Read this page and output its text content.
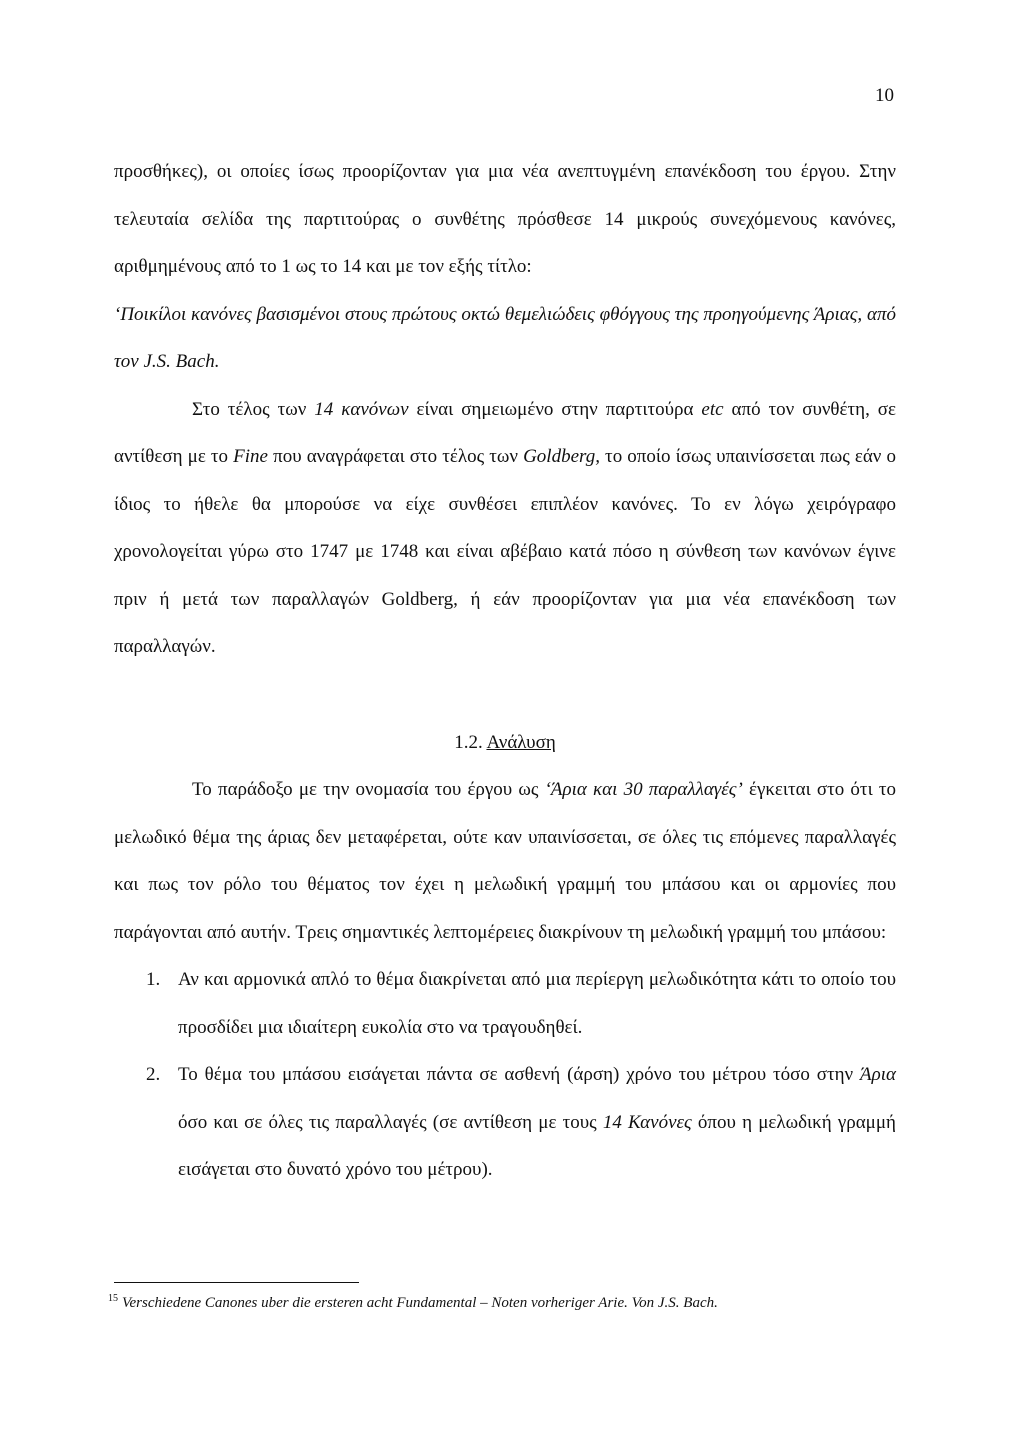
10

προσθήκες), οι οποίες ίσως προορίζονταν για μια νέα ανεπτυγμένη επανέκδοση του έργου. Στην τελευταία σελίδα της παρτιτούρας ο συνθέτης πρόσθεσε 14 μικρούς συνεχόμενους κανόνες, αριθμημένους από το 1 ως το 14 και με τον εξής τίτλο:
‘Ποικίλοι κανόνες βασισμένοι στους πρώτους οκτώ θεμελιώδεις φθόγγους της προηγούμενης Άριας, από τον J.S. Bach.

Στο τέλος των 14 κανόνων είναι σημειωμένο στην παρτιτούρα etc από τον συνθέτη, σε αντίθεση με το Fine που αναγράφεται στο τέλος των Goldberg, το οποίο ίσως υπαινίσσεται πως εάν ο ίδιος το ήθελε θα μπορούσε να είχε συνθέσει επιπλέον κανόνες. Το εν λόγω χειρόγραφο χρονολογείται γύρω στο 1747 με 1748 και είναι αβέβαιο κατά πόσο η σύνθεση των κανόνων έγινε πριν ή μετά των παραλλαγών Goldberg, ή εάν προορίζονταν για μια νέα επανέκδοση των παραλλαγών.

1.2. Ανάλυση

Το παράδοξο με την ονομασία του έργου ως ‘Άρια και 30 παραλλαγές’ έγκειται στο ότι το μελωδικό θέμα της άριας δεν μεταφέρεται, ούτε καν υπαινίσσεται, σε όλες τις επόμενες παραλλαγές και πως τον ρόλο του θέματος τον έχει η μελωδική γραμμή του μπάσου και οι αρμονίες που παράγονται από αυτήν. Τρεις σημαντικές λεπτομέρειες διακρίνουν τη μελωδική γραμμή του μπάσου:

1. Αν και αρμονικά απλό το θέμα διακρίνεται από μια περίεργη μελωδικότητα κάτι το οποίο του προσδίδει μια ιδιαίτερη ευκολία στο να τραγουδηθεί.
2. Το θέμα του μπάσου εισάγεται πάντα σε ασθενή (άρση) χρόνο του μέτρου τόσο στην Άρια όσο και σε όλες τις παραλλαγές (σε αντίθεση με τους 14 Κανόνες όπου η μελωδική γραμμή εισάγεται στο δυνατό χρόνο του μέτρου).
$^{15}$ Verschiedene Canones uber die ersteren acht Fundamental – Noten vorheriger Arie. Von J.S. Bach.
